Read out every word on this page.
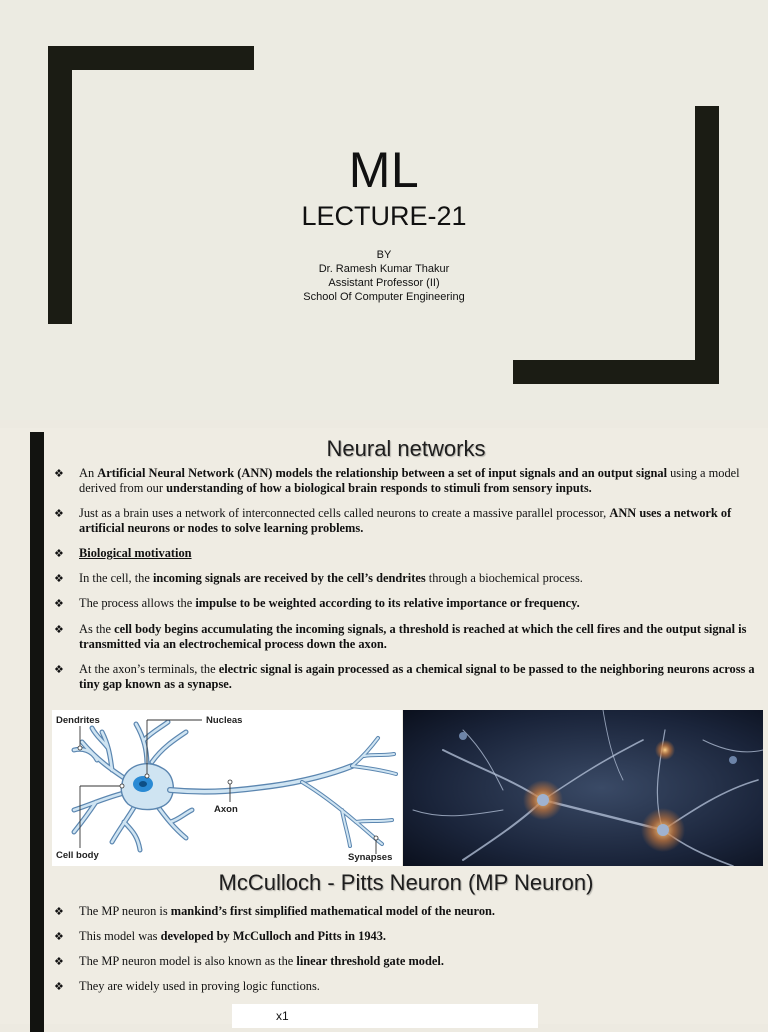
ML
LECTURE-21
BY
Dr. Ramesh Kumar Thakur
Assistant Professor (II)
School Of Computer Engineering
Neural networks
❖ An Artificial Neural Network (ANN) models the relationship between a set of input signals and an output signal using a model derived from our understanding of how a biological brain responds to stimuli from sensory inputs.
❖ Just as a brain uses a network of interconnected cells called neurons to create a massive parallel processor, ANN uses a network of artificial neurons or nodes to solve learning problems.
❖ Biological motivation
❖ In the cell, the incoming signals are received by the cell’s dendrites through a biochemical process.
❖ The process allows the impulse to be weighted according to its relative importance or frequency.
❖ As the cell body begins accumulating the incoming signals, a threshold is reached at which the cell fires and the output signal is transmitted via an electrochemical process down the axon.
❖ At the axon’s terminals, the electric signal is again processed as a chemical signal to be passed to the neighboring neurons across a tiny gap known as a synapse.
Dendrites	Nucleas
Axon
Cell body	Synapses
McCulloch - Pitts Neuron (MP Neuron)
❖ The MP neuron is mankind’s first simplified mathematical model of the neuron.
❖ This model was developed by McCulloch and Pitts in 1943.
❖ The MP neuron model is also known as the linear threshold gate model.
❖ They are widely used in proving logic functions.
x1
